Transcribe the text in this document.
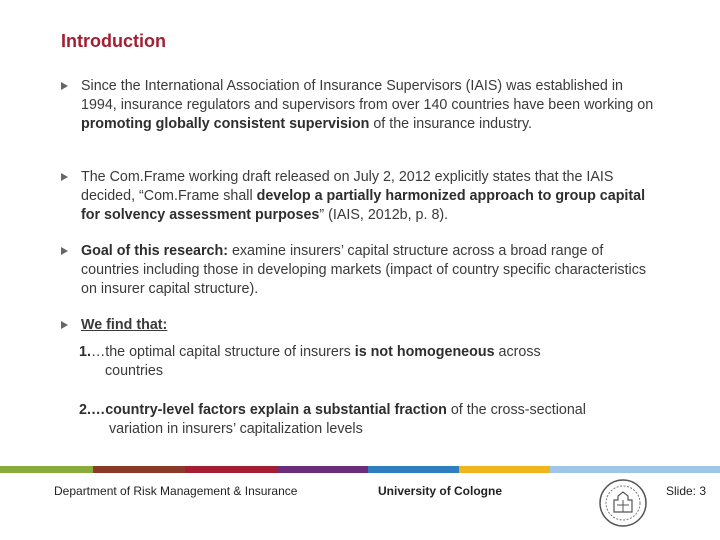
Introduction
Since the International Association of Insurance Supervisors (IAIS) was established in 1994, insurance regulators and supervisors from over 140 countries have been working on promoting globally consistent supervision of the insurance industry.
The Com.Frame working draft released on July 2, 2012 explicitly states that the IAIS decided, “Com.Frame shall develop a partially harmonized approach to group capital for solvency assessment purposes” (IAIS, 2012b, p. 8).
Goal of this research: examine insurers’ capital structure across a broad range of countries including those in developing markets (impact of country specific characteristics on insurer capital structure).
We find that:
1.…the optimal capital structure of insurers is not homogeneous across
countries
2.…country-level factors explain a substantial fraction of the cross-sectional
variation in insurers’ capitalization levels
Department of Risk Management & Insurance	University of Cologne	Slide: 3
